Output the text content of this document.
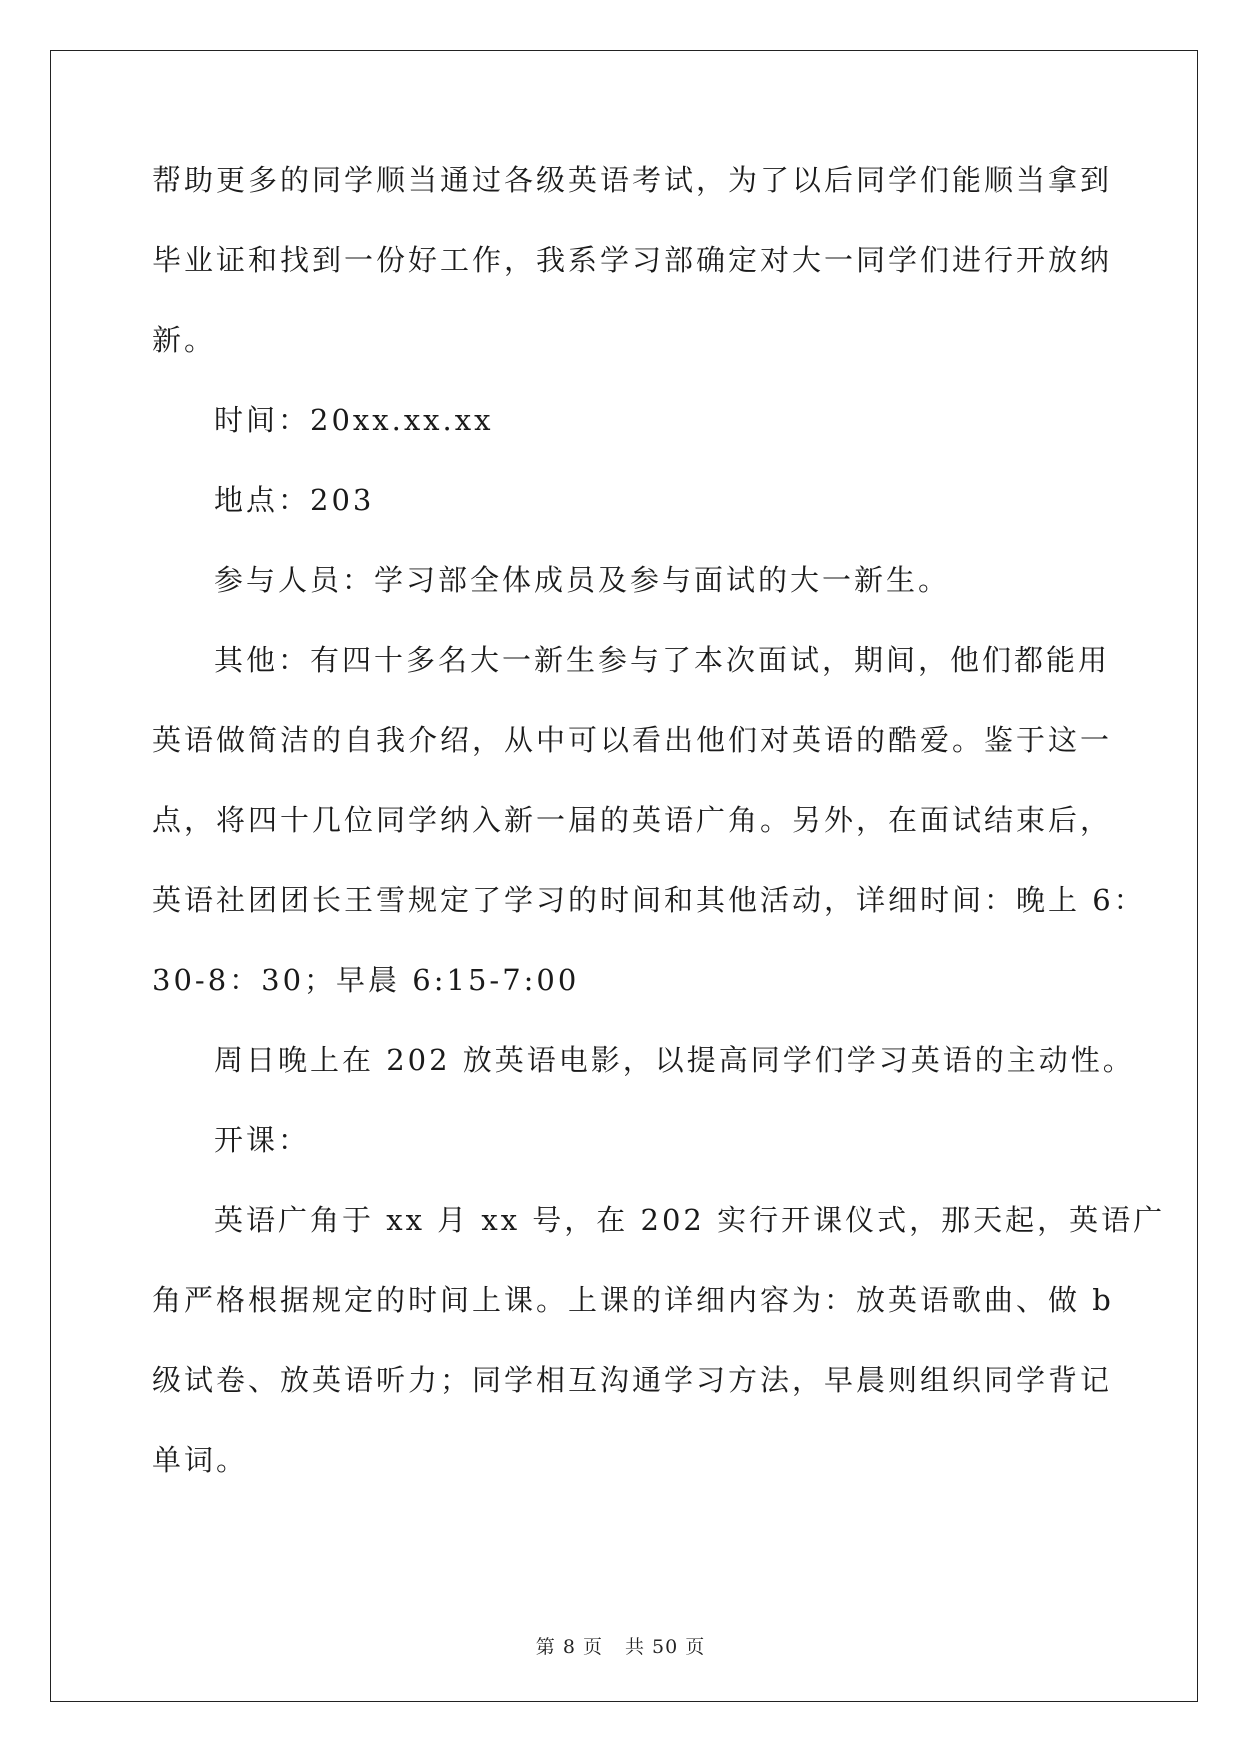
帮助更多的同学顺当通过各级英语考试，为了以后同学们能顺当拿到
毕业证和找到一份好工作，我系学习部确定对大一同学们进行开放纳
新。
时间：20xx.xx.xx
地点：203
参与人员：学习部全体成员及参与面试的大一新生。
其他：有四十多名大一新生参与了本次面试，期间，他们都能用
英语做简洁的自我介绍，从中可以看出他们对英语的酷爱。鉴于这一
点，将四十几位同学纳入新一届的英语广角。另外，在面试结束后，
英语社团团长王雪规定了学习的时间和其他活动，详细时间：晚上 6：
30-8：30；早晨 6:15-7:00
周日晚上在 202 放英语电影，以提高同学们学习英语的主动性。
开课：
英语广角于 xx 月 xx 号，在 202 实行开课仪式，那天起，英语广
角严格根据规定的时间上课。上课的详细内容为：放英语歌曲、做 b
级试卷、放英语听力；同学相互沟通学习方法，早晨则组织同学背记
单词。
第 8 页 共 50 页
